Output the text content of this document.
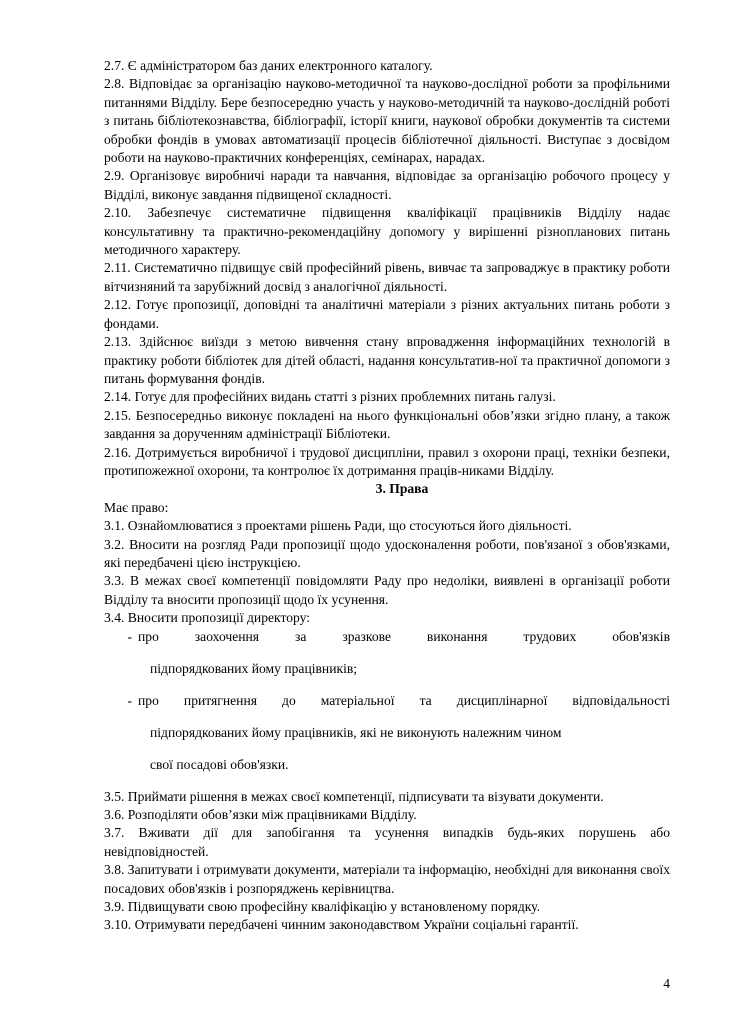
2.7. Є адміністратором баз даних електронного каталогу.

2.8. Відповідає за організацію науково-методичної та науково-дослідної роботи за профільними питаннями Відділу. Бере безпосередню участь у науково-методичній та науково-дослідній роботі з питань бібліотекознавства, бібліографії, історії книги, наукової обробки документів та системи обробки фондів в умовах автоматизації процесів бібліотечної діяльності. Виступає з досвідом роботи на науково-практичних конференціях, семінарах, нарадах.

2.9. Організовує виробничі наради та навчання, відповідає за організацію робочого процесу у Відділі, виконує завдання підвищеної складності.

2.10. Забезпечує систематичне підвищення кваліфікації працівників Відділу надає консультативну та практично-рекомендаційну допомогу у вирішенні різнопланових питань методичного характеру.

2.11. Систематично підвищує свій професійний рівень, вивчає та запроваджує в практику роботи вітчизняний та зарубіжний досвід з аналогічної діяльності.

2.12. Готує пропозиції, доповідні та аналітичні матеріали з різних актуальних питань роботи з фондами.

2.13. Здійснює виїзди з метою вивчення стану впровадження інформаційних технологій в практику роботи бібліотек для дітей області, надання консультатив-ної та практичної допомоги з питань формування фондів.

2.14. Готує для професійних видань статті з різних проблемних питань галузі.

2.15. Безпосередньо виконує покладені на нього функціональні обов’язки згідно плану, а також завдання за дорученням адміністрації Бібліотеки.

2.16. Дотримується виробничої і трудової дисципліни, правил з охорони праці, техніки безпеки, протипожежної охорони, та контролює їх дотримання праців-никами Відділу.

3. Права

Має право:

3.1. Ознайомлюватися з проектами рішень Ради, що стосуються його діяльності.

3.2. Вносити на розгляд Ради пропозиції щодо удосконалення роботи, пов'язаної з обов'язками, які передбачені цією інструкцією.

3.3. В межах своєї компетенції повідомляти Раду про недоліки, виявлені в організації роботи Відділу та вносити пропозиції щодо їх усунення.

3.4. Вносити пропозиції директору:

- про заохочення за зразкове виконання трудових обов'язків

підпорядкованих йому працівників;

- про притягнення до матеріальної та дисциплінарної відповідальності

підпорядкованих йому працівників, які не виконують належним чином

свої посадові обов'язки.

3.5. Приймати рішення в межах своєї компетенції, підписувати та візувати документи.

3.6. Розподіляти обов’язки між працівниками Відділу.

3.7. Вживати дії для запобігання та усунення випадків будь-яких порушень або невідповідностей.

3.8. Запитувати і отримувати документи, матеріали та інформацію, необхідні для виконання своїх посадових обов'язків і розпоряджень керівництва.

3.9. Підвищувати свою професійну кваліфікацію у встановленому порядку.

3.10. Отримувати передбачені чинним законодавством України соціальні гарантії.

4
